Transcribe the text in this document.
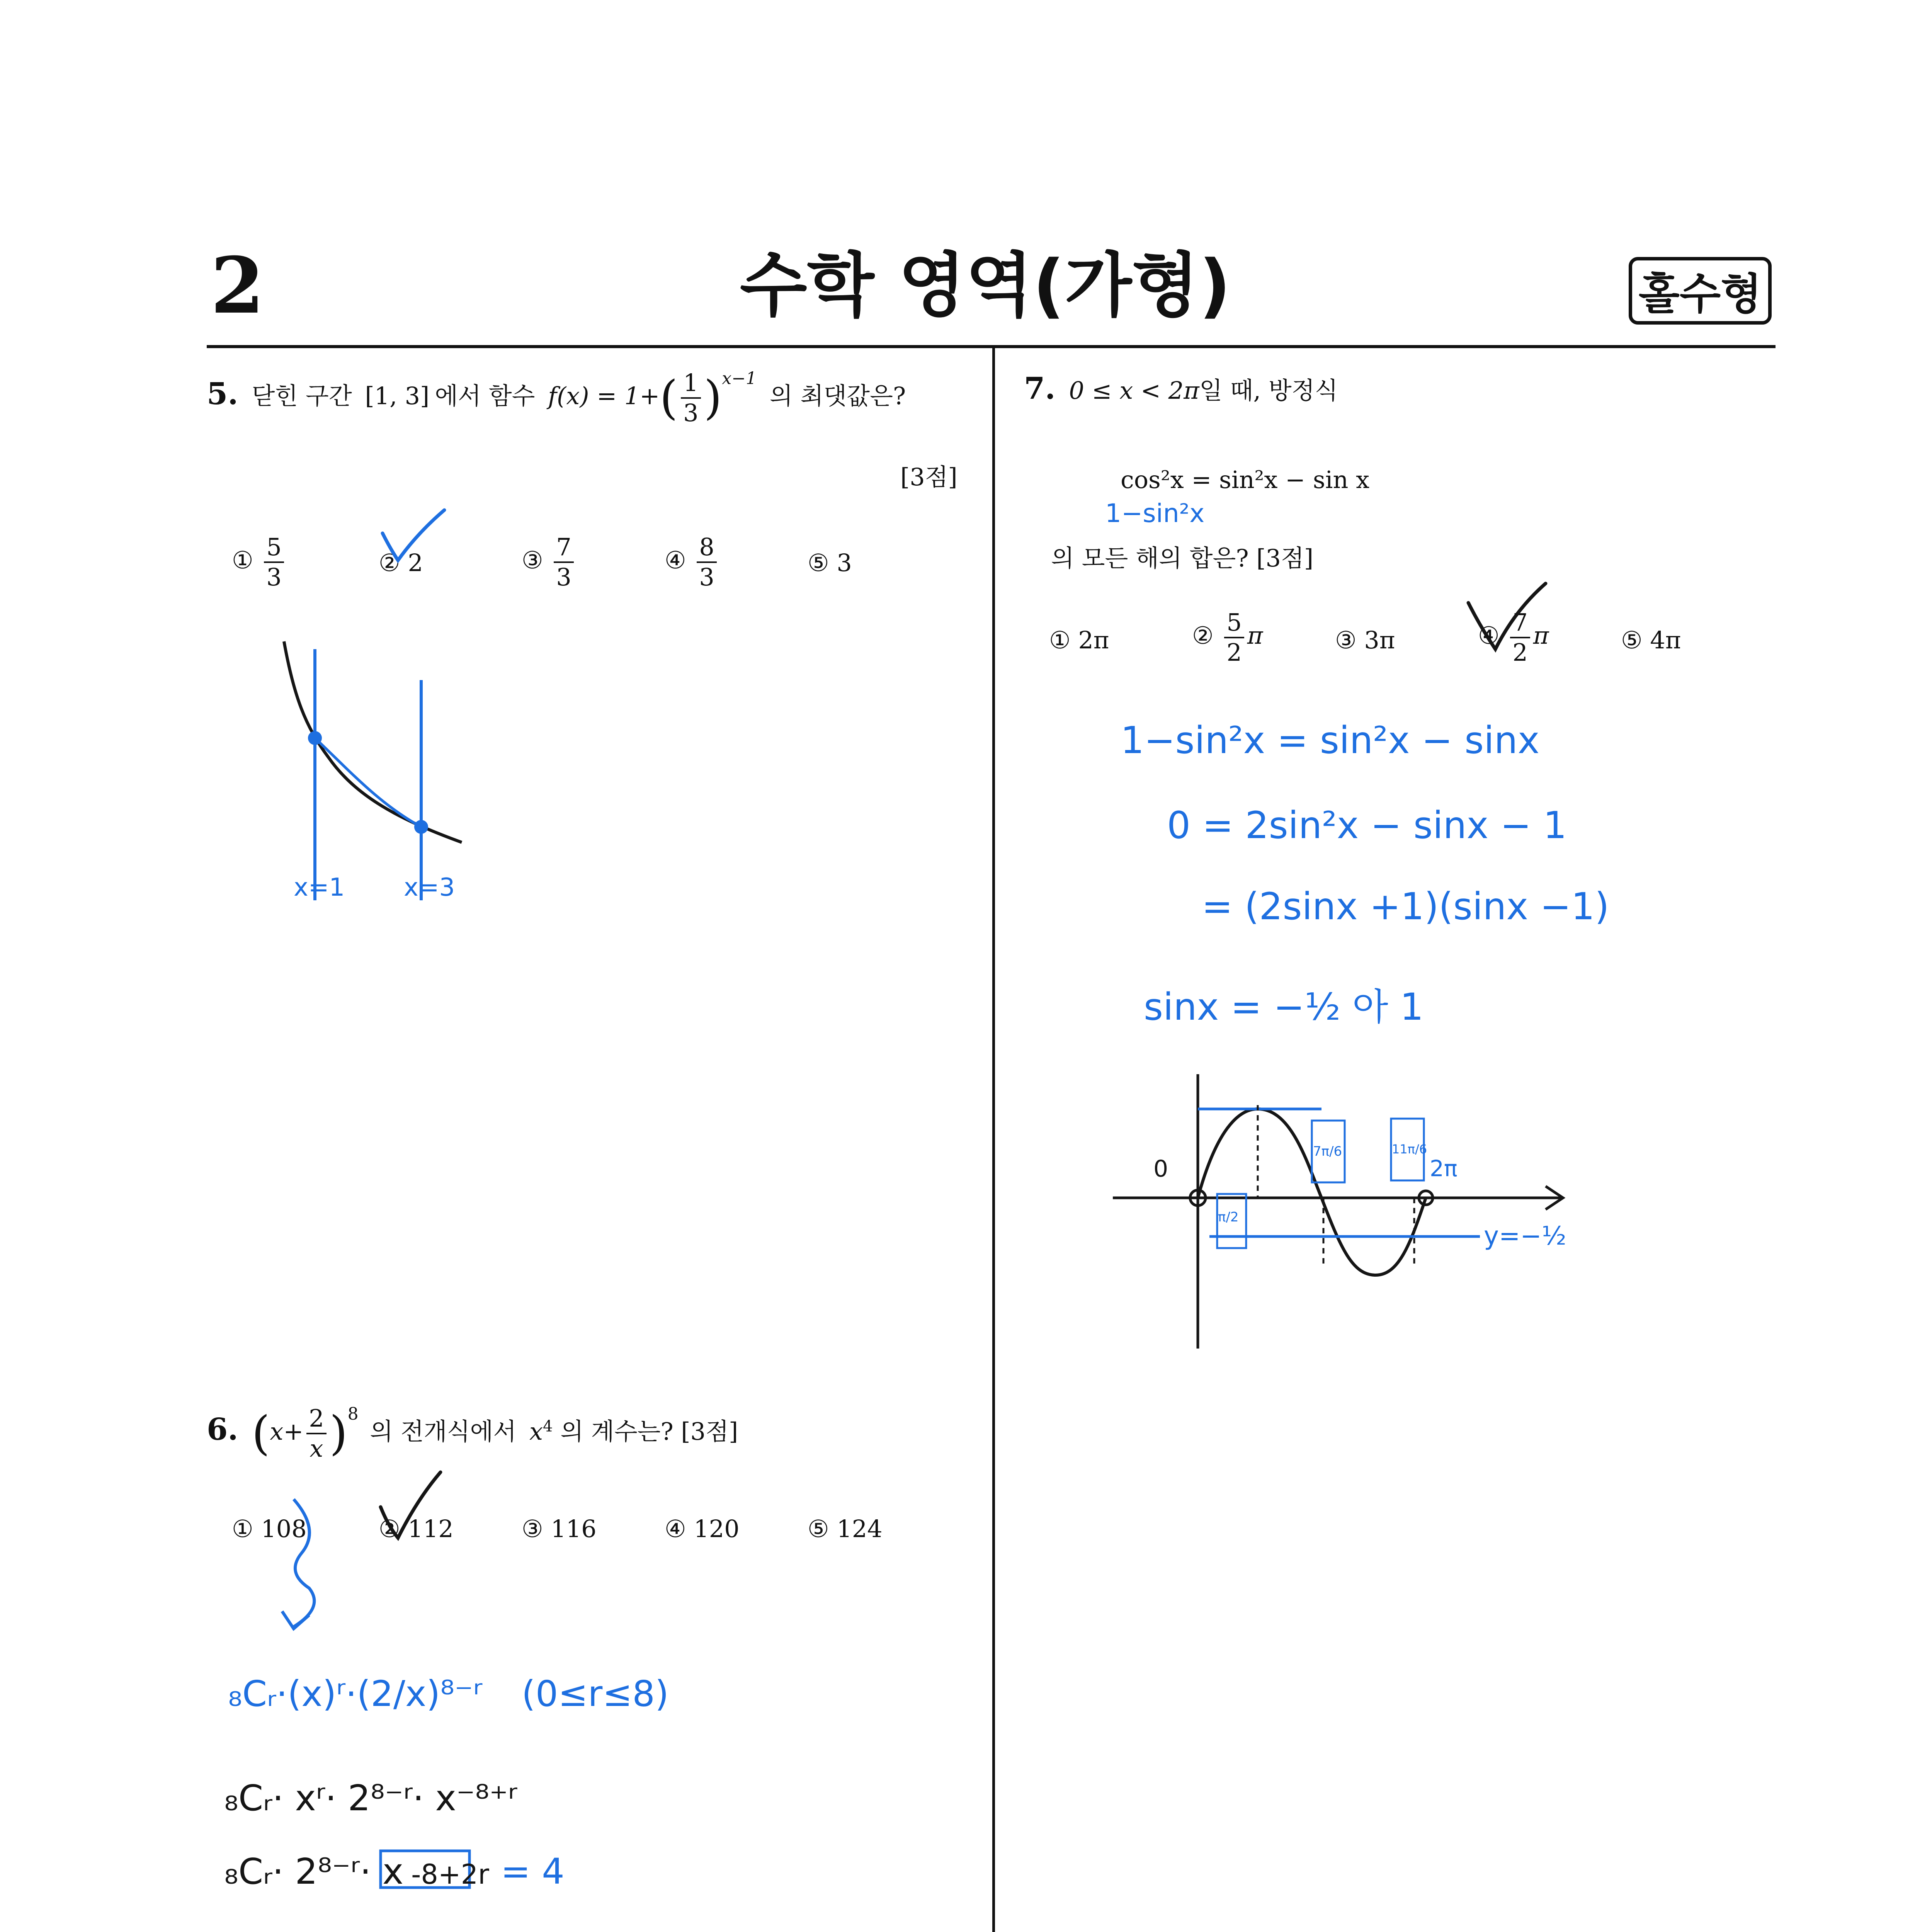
2	수학 영역(가형)	홀수형
5. 닫힌 구간 [1, 3] 에서 함수 $f(x) = 1+( \frac{1}{3} )^{x-1}$ 의 최댓값은?
[3점]
① $\frac{5}{3}$	② 2	③ $\frac{7}{3}$	④ $\frac{8}{3}$	⑤ 3
x=1 x=3
6. $(x+ \frac{2}{x} )^8$ 의 전개식에서 $x^4$ 의 계수는? [3점]
① 108	② 112	③ 116	④ 120	⑤ 124
₈Cᵣ·(x)ʳ·(2/x)⁸⁻ʳ (0≤r≤8)
₈Cᵣ· xʳ· 2⁸⁻ʳ· x⁻⁸⁺ʳ
₈Cᵣ· 2⁸⁻ʳ· x -8+2r = 4
7. 0 ≤ x < 2π일 때, 방정식
cos²x = sin²x − sin x
1−sin²x
의 모든 해의 합은? [3점]
① 2π	② $\frac{5}{2}$ π	③ 3π	④ $\frac{7}{2}$ π	⑤ 4π
1−sin²x = sin²x − sinx
0 = 2sin²x − sinx − 1
= (2sinx +1)(sinx −1)
sinx = −½ 아 1
0	2π
π/2
7π/6	11π/6
y=−½
